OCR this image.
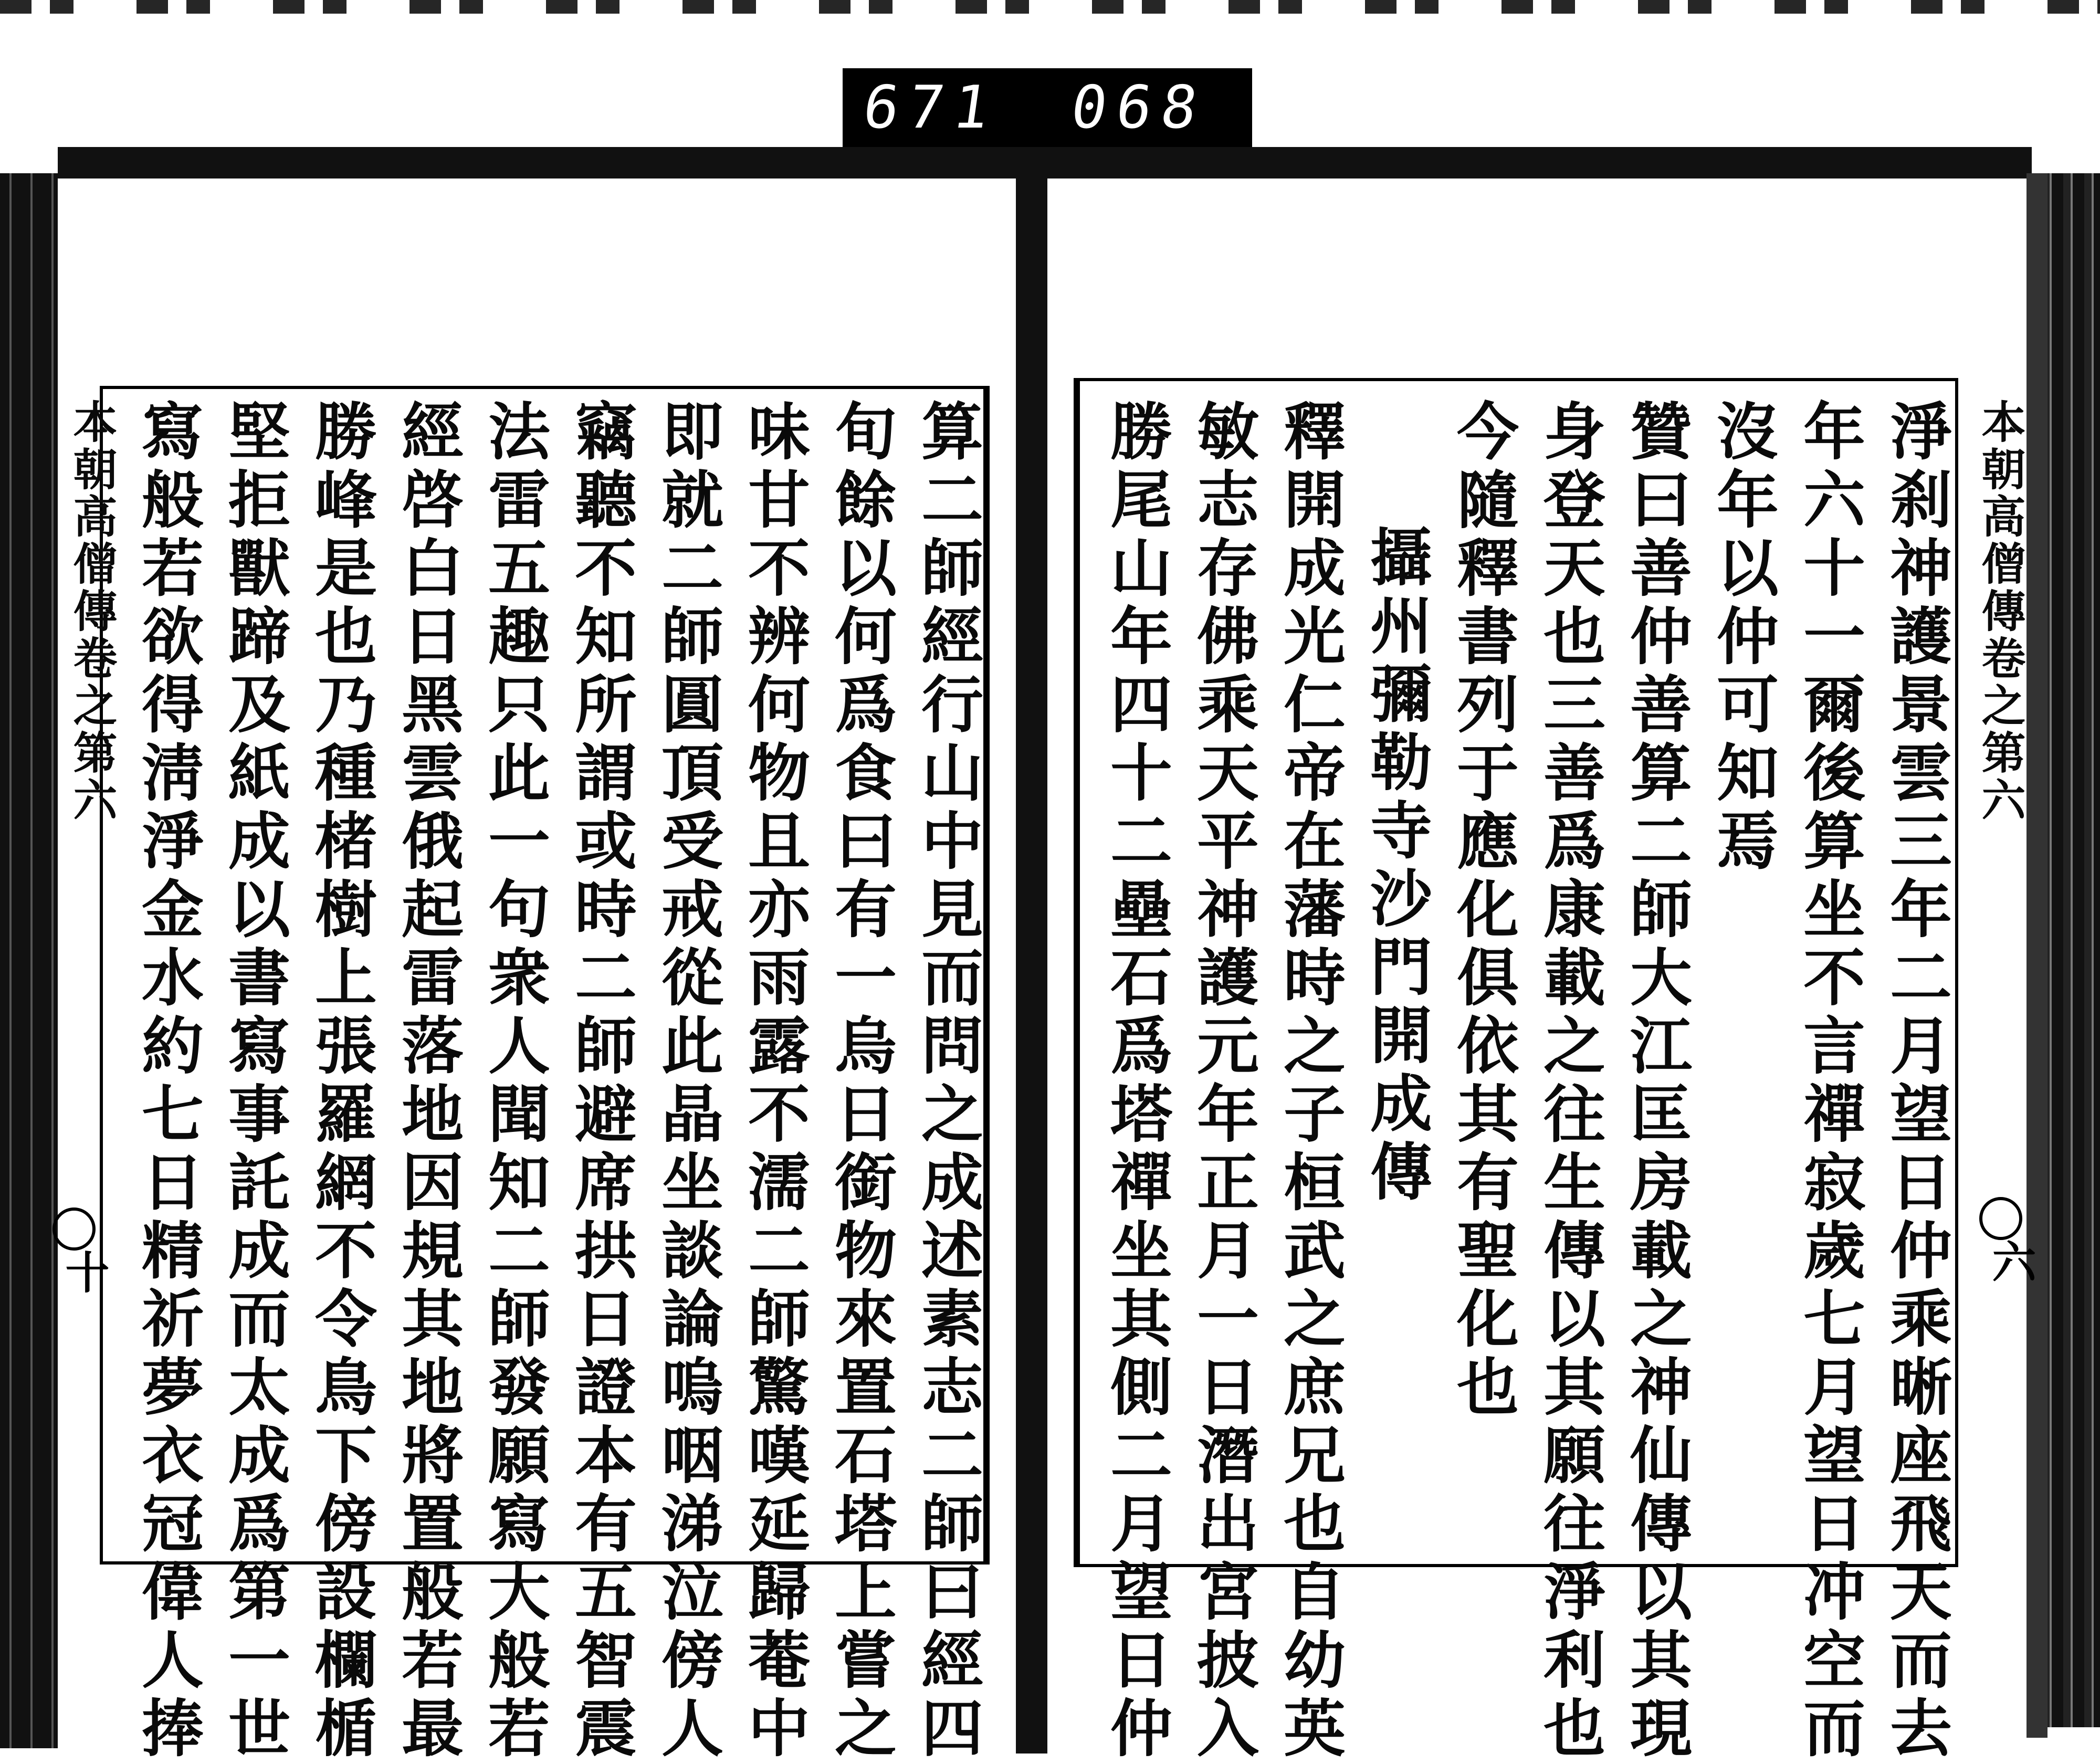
671 068
本朝高僧傳卷之第六
六
淨刹神護景雲三年二月望日仲乘晰座飛天而去
年六十一爾後算坐不言禪寂歲七月望日冲空而
沒年以仲可知焉
贊曰善仲善算二師大江匡房載之神仙傳以其現
身登天也三善爲康載之往生傳以其願往淨利也
今隨釋書列于應化俱依其有聖化也
攝州彌勒寺沙門開成傳
釋開成光仁帝在藩時之子桓武之庶兄也自幼英
敏志存佛乘天平神護元年正月一日潛出宮披入
勝尾山年四十二壘石爲塔禪坐其側二月望日仲
本朝高僧傳卷之第六
十	算二師經行山中見而問之成述素志二師曰經四
旬餘以何爲食曰有一烏日銜物來置石塔上嘗之
味甘不辨何物且亦雨露不濡二師驚嘆延歸菴中
即就二師圓頂受戒從此晶坐談論嗚咽涕泣傍人
竊聽不知所謂或時二師避席拱日證本有五智震
法雷五趣只此一句衆人聞知二師發願寫大般若
經啓白日黑雲俄起雷落地因規其地將置般若最
勝峰是也乃種楮樹上張羅網不令鳥下傍設欄楯
堅拒獸蹄及紙成以書寫事託成而太成爲第一世
寫般若欲得淸淨金水約七日精祈夢衣冠偉人捧
